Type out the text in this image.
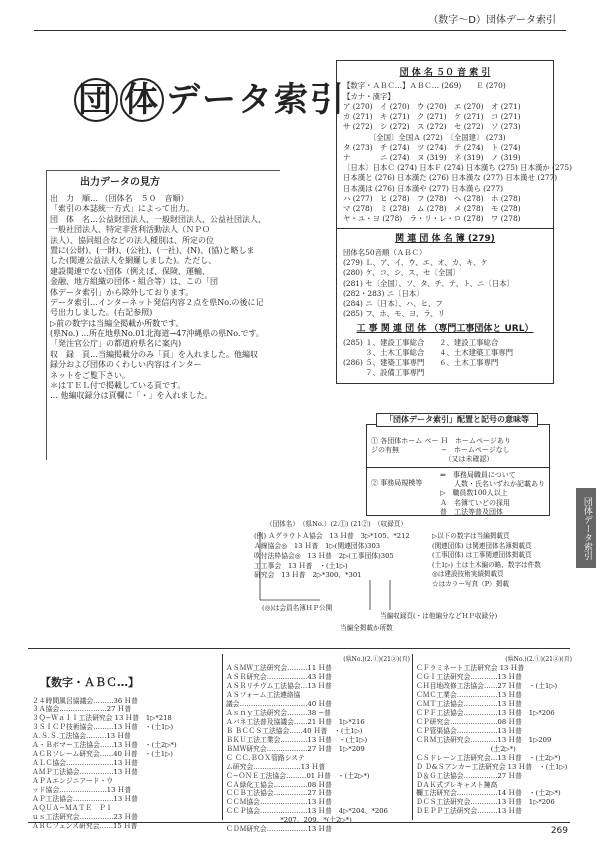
（数字～D）団体データ索引
団 体 データ索引
出力データの見方
出　力　順… （団体名　５０　音順）
「索引の本誌統一方式」によって出力。
団　体　名…公益財団法人、一般財団法人、公益社団法人、
一般社団法人、特定非営利活動法人（ＮＰＯ
法人）、協同組合などの法人種別は、所定の位
置に(公財)、(一財)、(公社)、(一社)、(N)、(協)と略しま
した(関連公益法人を網羅しました)。ただし、
建設関連でない団体（例えば、保険、運輸、
金融、地方組織の団体・組合等）は、この「団
体データ索引」から除外しております。
データ索引…インターネット発信内容２点を県No.の後に记
号出力しました。(右記参照)
▷前の数字は当編全掲載か所数です。
(県No.) …所在地県No.01北海道→47沖縄県の県No.です。
「発注官公庁」の都道府県名に案内)
収　録　頁…当編掲載分のみ「頁」を入れました。他編収
録分および団体のくわしい内容はインター
ネットをご覧下さい。
＊はＴＥＬ付で掲載している頁です。
… 他編収録分は頁欄に「・」を入れました。
団 体 名 ５０ 音 索 引
【数字・ＡＢＣ…】ＡＢＣ… (269)　　Ｅ (270)
【カナ・漢字】
ア (270)　イ (270)　ウ (270)　エ (270)　オ (271)
カ (271)　キ (271)　ク (271)　ケ (271)　コ (271)
サ (272)　シ (272)　ス (272)　セ (272)　ソ (273)
　　　　〔全国〕全国Ａ (272)　〔全国建〕 (273)
タ (273)　チ (274)　ツ (274)　テ (274)　ト (274)
ナ　　　　ニ (274)　ヌ (319)　ネ (319)　ノ (319)
〔日本〕日本Ｃ (274) 日本Ｆ (274) 日本漢ち (275) 日本漢か (275)
日本漢と (276) 日本漢た (276) 日本漢な (277) 日本漢せ (277)
日本漢は (276) 日本漢や (277) 日本漢ら (277)
ハ (277)　ヒ (278)　フ (278)　ヘ (278)　ホ (278)
マ (278)　ミ (278)　ム (278)　メ (278)　モ (278)
ヤ・ユ・ヨ (278)　ラ・リ・レ・ロ (278)　ワ (278)
関 連 団 体 名 簿 (279)
団体名50音順（ＡＢＣ）
(279) Ｌ、ア、イ、ウ、エ、オ、カ、キ、ケ
(280) ケ、コ、シ、ス、セ〔全国〕
(281) セ〔全国〕、ソ、タ、チ、テ、ト、ニ〔日本〕
(282・283) ニ〔日本〕
(284) ニ〔日本〕、ハ、ヒ、フ
(285) フ、ホ、モ、ヨ、ラ、リ
工 事 関 連 団 体 （専門工事団体と URL）
(285) １、建設工事総合　　２、建設工事総合
　　　３、土木工事総合　　４、土木建築工事専門
(286) ５、建築工事専門　　６、土木工事専門
　　　７、設備工事専門
団体データ索引
① 各団体ホーム ページの有無
Ｈ　ホームページあり
−　ホームページなし
　（又は未確認）
② 事務局規模等
⇒　事務局職員について
　　人数・氏名いずれか記載あり
▷　職員数100人以上
Ａ　名簿ていどの採用
普　工法等普及団体
「団体データ索引」配置と記号の意味等
（団体名）　（県No.）(2.①) (21②)　（収録頁）
(例) ＡグラウトＡ協会　13 Ｈ普　3▷*105、*212
Ａ線協会◎　13 Ｈ普　1▷(関連団体)303
吹付法枠協会◎　13 Ｈ普　2▷(工事団体)305
工工事会　13 Ｈ普　・(土1▷)
研究会　13 Ｈ普　2▷*300、*301
▷以下の数字は当編掲載頁
(関連団体) は関連団体名簿掲載頁
(工事団体) は工事関連団体掲載頁
(土1▷) 土は土木編の略、数字は件数
◎は建設技術実績掲載頁
☆はカラー写真（P）掲載
(◎)は会員名簿ＨＰ公開
当編収録頁(・は他編分などＨＰ収録分)
当編全掲載か所数
【数字・ＡＢＣ…】
２４時間風呂協議会………36 Ｈ普
３Ａ協会…………………27 Ｈ普
３Ｑ−Ｗａｌｌ工法研究会 13 Ｈ普　1▷*218
３ＳＩＣＰ技術協会………13 Ｈ普　・(土1▷)
Ａ.Ｓ.Ｓ.工法協会………13 Ｈ普
Ａ・Ｂボマー工法協会……13 Ｈ普　・(土2▷*)
ＡＣＲフレーム研究会……40 Ｈ普　・(土1▷)
ＡＬＣ協会…………………13 Ｈ普
ＡＭＰ工法協会……………13 Ｈ普
ＡＰＡエンジニアード・ウ
ッド協会…………………13 Ｈ普
ＡＰ工法協会………………13 Ｈ普
ＡＱＵＡ−ＭＡＴＥ　Ｐｌ
ｕｓ工法研究会……………23 Ｈ普
ＡＲＣフェンス研究会……15 Ｈ普
(県No.)(2.①)(21②)(頁)
ＡＳＭＷ工法研究会………11 Ｈ普
ＡＳＲ研究会………………43 Ｈ普
ＡＳＲリチウム工法協会…13 Ｈ普
ＡＳフォーム工法連絡協
議会…………………………40 Ｈ普
Ａｓｎｙ工法研究会………38 −普
Ａバネ工法普及協議会……21 Ｈ普　1▷*216
Ｂ ＢＣＣＳ工法協会……40 Ｈ普　・(土1▷)
ＢＫＵ工法工業会…………13 Ｈ普　・(土1▷)
ＢＭＷ研究会………………27 Ｈ普　1▷*209
Ｃ ＣＣ.ＢＯＸ管路システ
ム研究会…………………13 Ｈ普
Ｃ−ＯＮＥ工法協会………01 Ｈ普　・(土2▷*)
ＣＡ緑化工協会……………08 Ｈ普
ＣＣＢ工法協会……………27 Ｈ普
ＣＣＭ協会…………………13 Ｈ普
ＣＣＰ協会…………………13 Ｈ普　4▷*204、*206
　　　　　　　　*207、209、*(土2▷*)
ＣＤＭ研究会………………13 Ｈ普
(県No.)(2.①)(21②)(頁)
ＣＦラミネート工法研究会 13 Ｈ普
ＣＧＩ工法研究会…………13 Ｈ普
ＣＨ目地改修工法協会……27 Ｈ普　・(土1▷)
ＣＭＣ工業会………………13 Ｈ普
ＣＭＴ工法協会……………13 Ｈ普
ＣＰＦ工法協会……………13 Ｈ普　1▷*206
ＣＰ研究会…………………08 Ｈ普
ＣＰ管渠協会………………13 Ｈ普
ＣＲＭ工法研究会…………13 Ｈ普　1▷209
　　　　　　　　　　　(土2▷*)
ＣＳドレーン工法研究会…13 Ｈ普　・(土2▷*)
Ｄ Ｄ&Ｓアンカー工法研究会 13 Ｈ普　・(土1▷)
Ｄ＆Ｇ工法協会……………27 Ｈ普
ＤＡＫ式プレキャスト擁高
欄工法研究会………………14 Ｈ普　・(土2▷*)
ＤＣＳ工法研究会…………13 Ｈ普　1▷*206
ＤＥＰＰ工法研究会………13 Ｈ普
269
